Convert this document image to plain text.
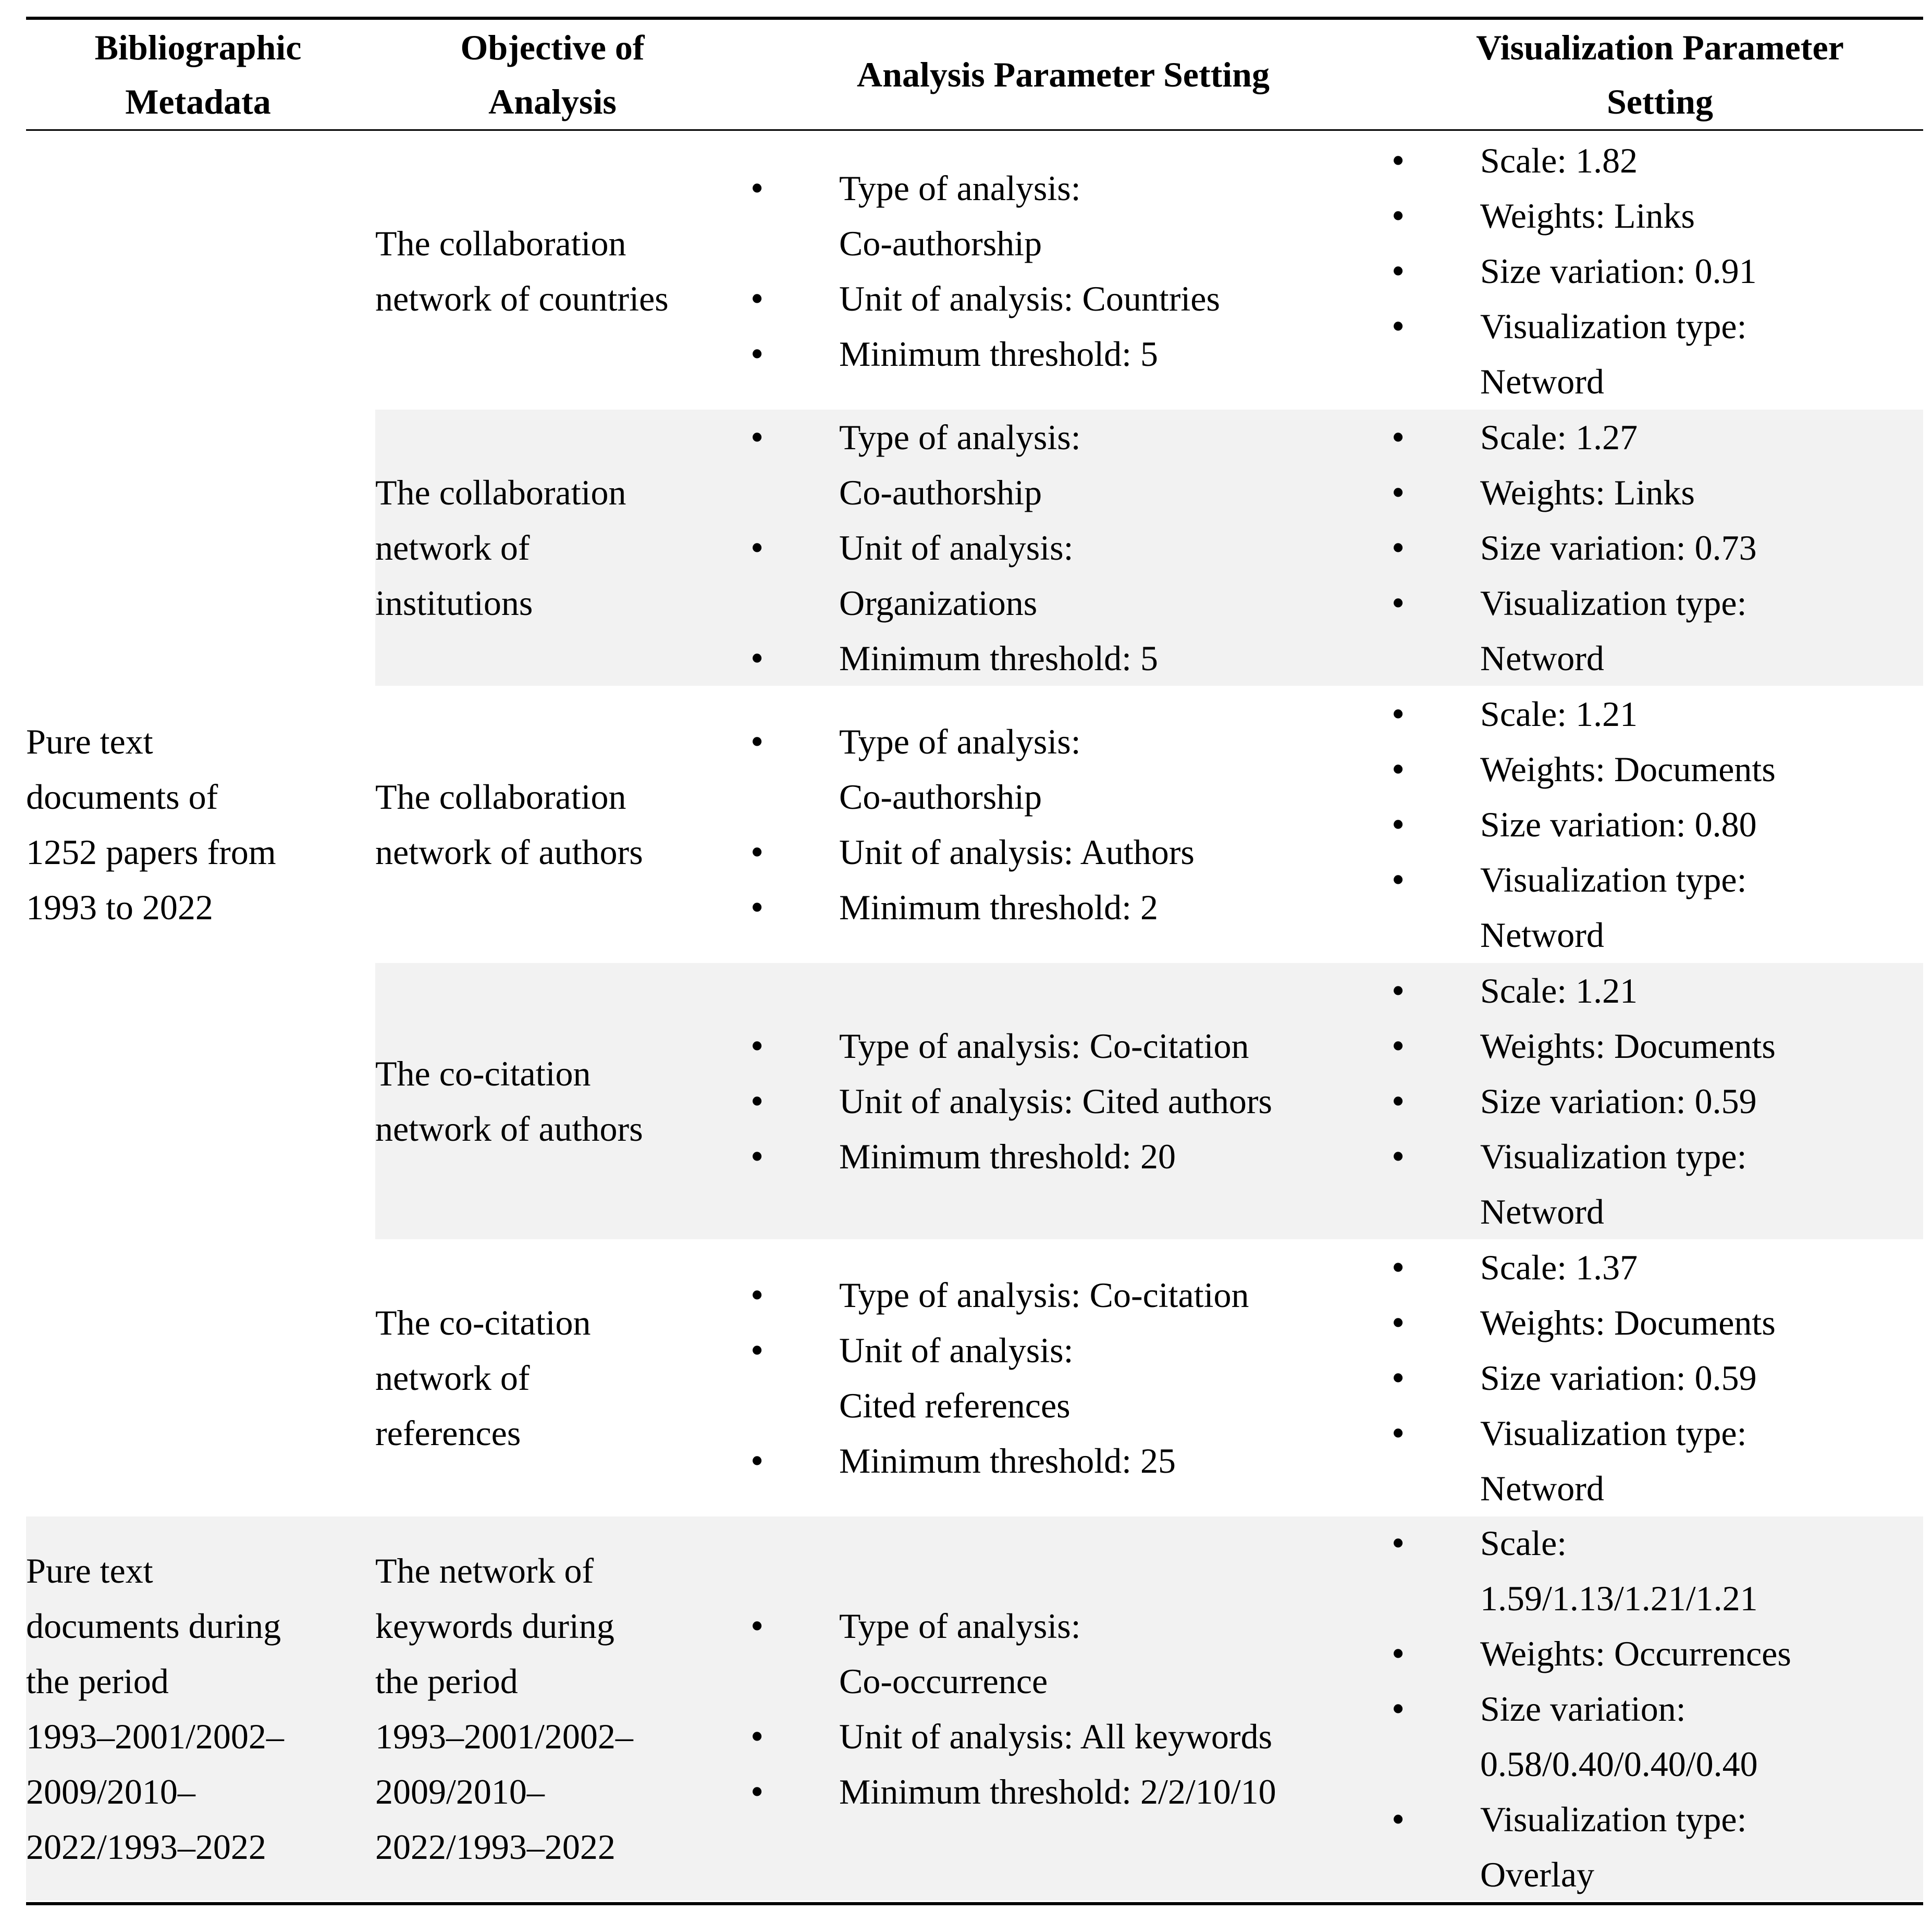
Bibliographic
Metadata
Objective of
Analysis
Analysis Parameter Setting
Visualization Parameter
Setting
Pure text
documents of
1252 papers from
1993 to 2022
The collaboration
network of countries
• Type of analysis:
Co-authorship
• Unit of analysis: Countries
• Minimum threshold: 5
• Scale: 1.82
• Weights: Links
• Size variation: 0.91
• Visualization type:
Netword
The collaboration
network of
institutions
• Type of analysis:
Co-authorship
• Unit of analysis:
Organizations
• Minimum threshold: 5
• Scale: 1.27
• Weights: Links
• Size variation: 0.73
• Visualization type:
Netword
The collaboration
network of authors
• Type of analysis:
Co-authorship
• Unit of analysis: Authors
• Minimum threshold: 2
• Scale: 1.21
• Weights: Documents
• Size variation: 0.80
• Visualization type:
Netword
The co-citation
network of authors
• Type of analysis: Co-citation
• Unit of analysis: Cited authors
• Minimum threshold: 20
• Scale: 1.21
• Weights: Documents
• Size variation: 0.59
• Visualization type:
Netword
The co-citation
network of
references
• Type of analysis: Co-citation
• Unit of analysis:
Cited references
• Minimum threshold: 25
• Scale: 1.37
• Weights: Documents
• Size variation: 0.59
• Visualization type:
Netword
Pure text
documents during
the period
1993–2001/2002–
2009/2010–
2022/1993–2022
The network of
keywords during
the period
1993–2001/2002–
2009/2010–
2022/1993–2022
• Type of analysis:
Co-occurrence
• Unit of analysis: All keywords
• Minimum threshold: 2/2/10/10
• Scale:
1.59/1.13/1.21/1.21
• Weights: Occurrences
• Size variation:
0.58/0.40/0.40/0.40
• Visualization type:
Overlay
